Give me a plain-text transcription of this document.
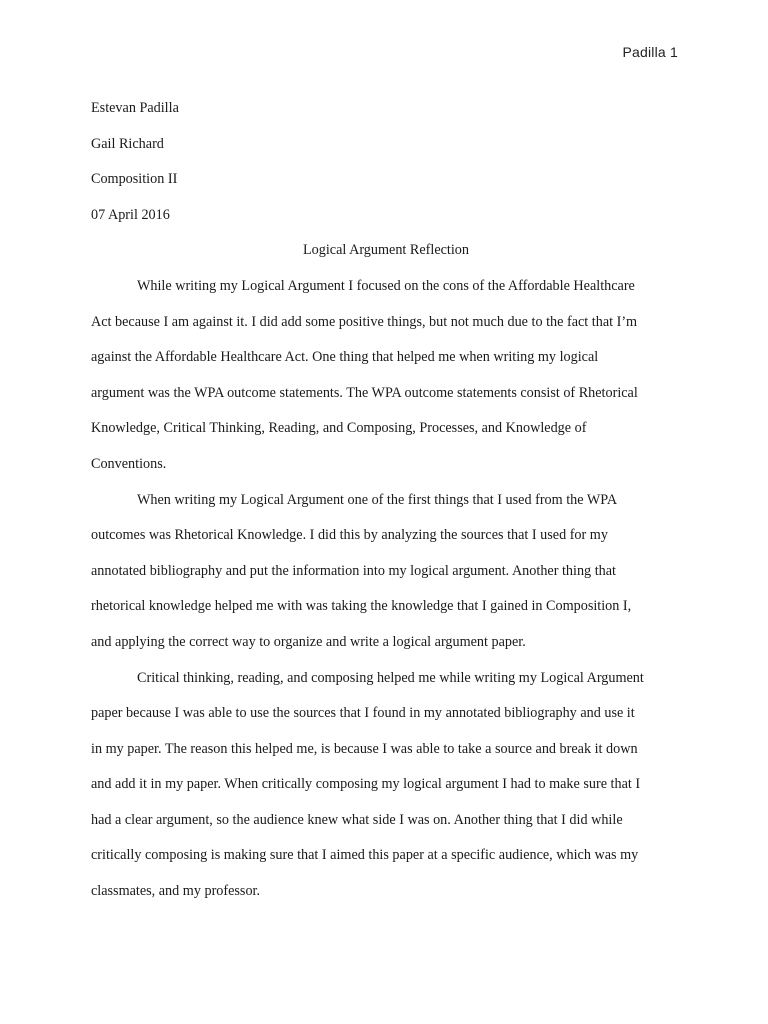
Padilla 1

Estevan Padilla

Gail Richard

Composition II

07 April 2016

Logical Argument Reflection

While writing my Logical Argument I focused on the cons of the Affordable Healthcare
Act because I am against it. I did add some positive things, but not much due to the fact that I’m
against the Affordable Healthcare Act. One thing that helped me when writing my logical
argument was the WPA outcome statements. The WPA outcome statements consist of Rhetorical
Knowledge, Critical Thinking, Reading, and Composing, Processes, and Knowledge of
Conventions.

When writing my Logical Argument one of the first things that I used from the WPA
outcomes was Rhetorical Knowledge. I did this by analyzing the sources that I used for my
annotated bibliography and put the information into my logical argument. Another thing that
rhetorical knowledge helped me with was taking the knowledge that I gained in Composition I,
and applying the correct way to organize and write a logical argument paper.

Critical thinking, reading, and composing helped me while writing my Logical Argument
paper because I was able to use the sources that I found in my annotated bibliography and use it
in my paper. The reason this helped me, is because I was able to take a source and break it down
and add it in my paper. When critically composing my logical argument I had to make sure that I
had a clear argument, so the audience knew what side I was on. Another thing that I did while
critically composing is making sure that I aimed this paper at a specific audience, which was my
classmates, and my professor.
